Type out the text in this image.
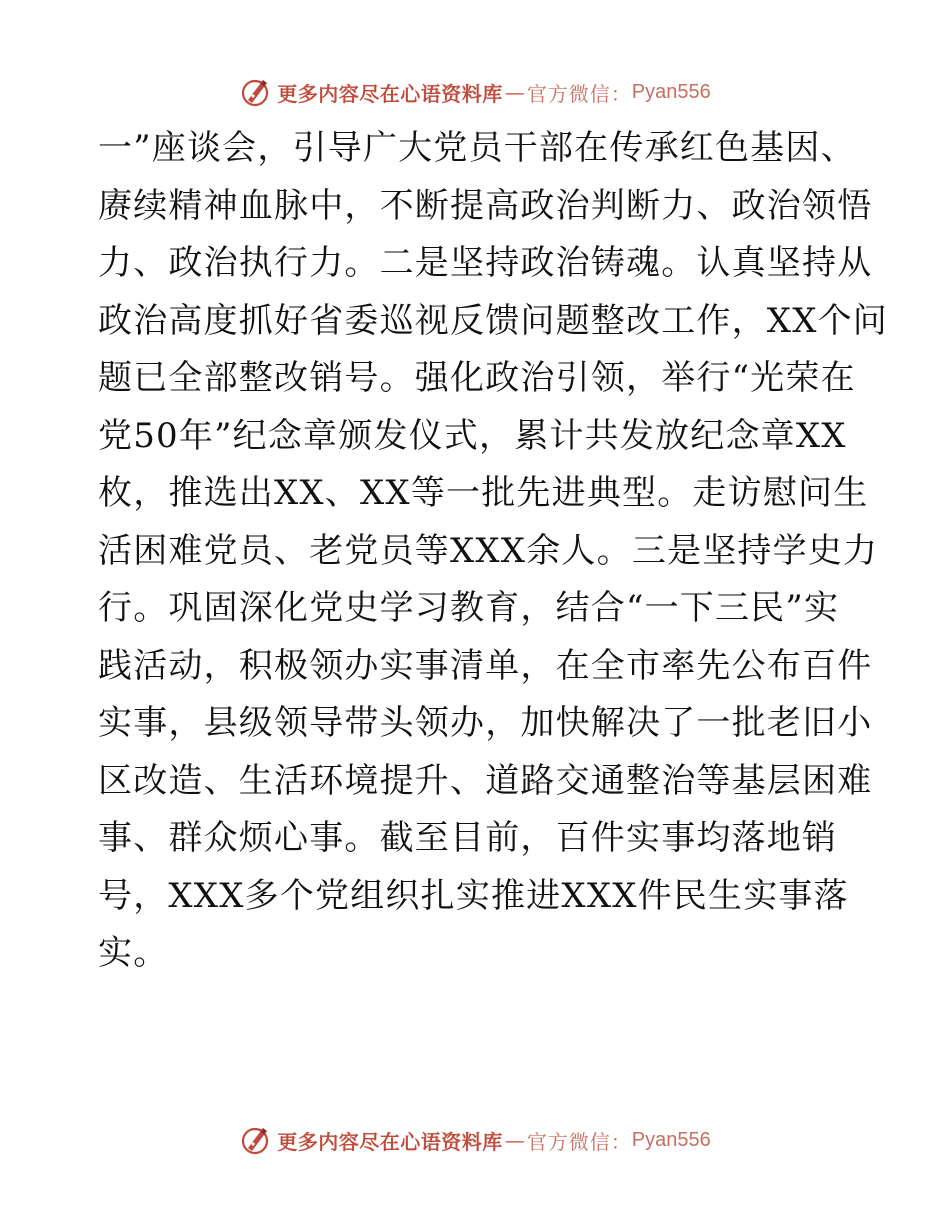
更多内容尽在心语资料库 — 官方微信： Pyan556
一”座谈会，引导广大党员干部在传承红色基因、
赓续精神血脉中，不断提高政治判断力、政治领悟
力、政治执行力。二是坚持政治铸魂。认真坚持从
政治高度抓好省委巡视反馈问题整改工作，XX个问
题已全部整改销号。强化政治引领，举行“光荣在
党50年”纪念章颁发仪式，累计共发放纪念章XX
枚，推选出XX、XX等一批先进典型。走访慰问生
活困难党员、老党员等XXX余人。三是坚持学史力
行。巩固深化党史学习教育，结合“一下三民”实
践活动，积极领办实事清单，在全市率先公布百件
实事，县级领导带头领办，加快解决了一批老旧小
区改造、生活环境提升、道路交通整治等基层困难
事、群众烦心事。截至目前，百件实事均落地销
号，XXX多个党组织扎实推进XXX件民生实事落
实。
更多内容尽在心语资料库 — 官方微信： Pyan556
